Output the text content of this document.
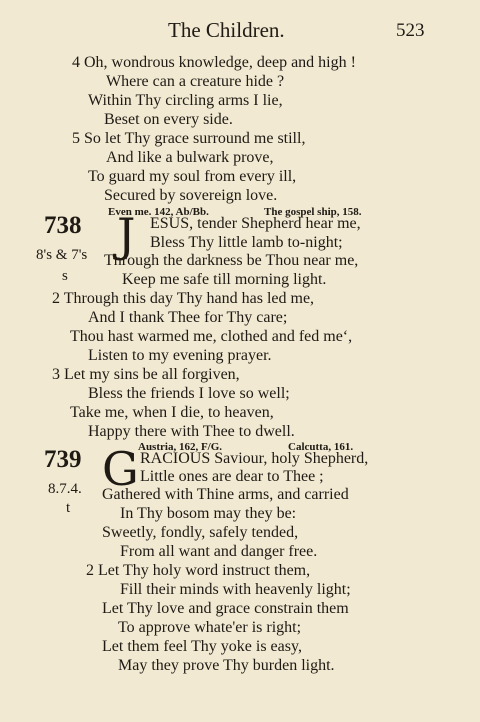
The Children.	523
4 Oh, wondrous knowledge, deep and high !
Where can a creature hide ?
Within Thy circling arms I lie,
Beset on every side.
5 So let Thy grace surround me still,
And like a bulwark prove,
To guard my soul from every ill,
Secured by sovereign love.
Even me. 142, Ab/Bb.	The gospel ship, 158.
738 J
8's & 7's
s
ESUS, tender Shepherd hear me,
Bless Thy little lamb to-night;
Through the darkness be Thou near me,
Keep me safe till morning light.
2 Through this day Thy hand has led me,
And I thank Thee for Thy care;
Thou hast warmed me, clothed and fed meʻ,
Listen to my evening prayer.
3 Let my sins be all forgiven,
Bless the friends I love so well;
Take me, when I die, to heaven,
Happy there with Thee to dwell.
Austria, 162, F/G.	Calcutta, 161.
739 G
8.7.4.
t
RACIOUS Saviour, holy Shepherd,
Little ones are dear to Thee ;
Gathered with Thine arms, and carried
In Thy bosom may they be:
Sweetly, fondly, safely tended,
From all want and danger free.
2 Let Thy holy word instruct them,
Fill their minds with heavenly light;
Let Thy love and grace constrain them
To approve whate'er is right;
Let them feel Thy yoke is easy,
May they prove Thy burden light.
